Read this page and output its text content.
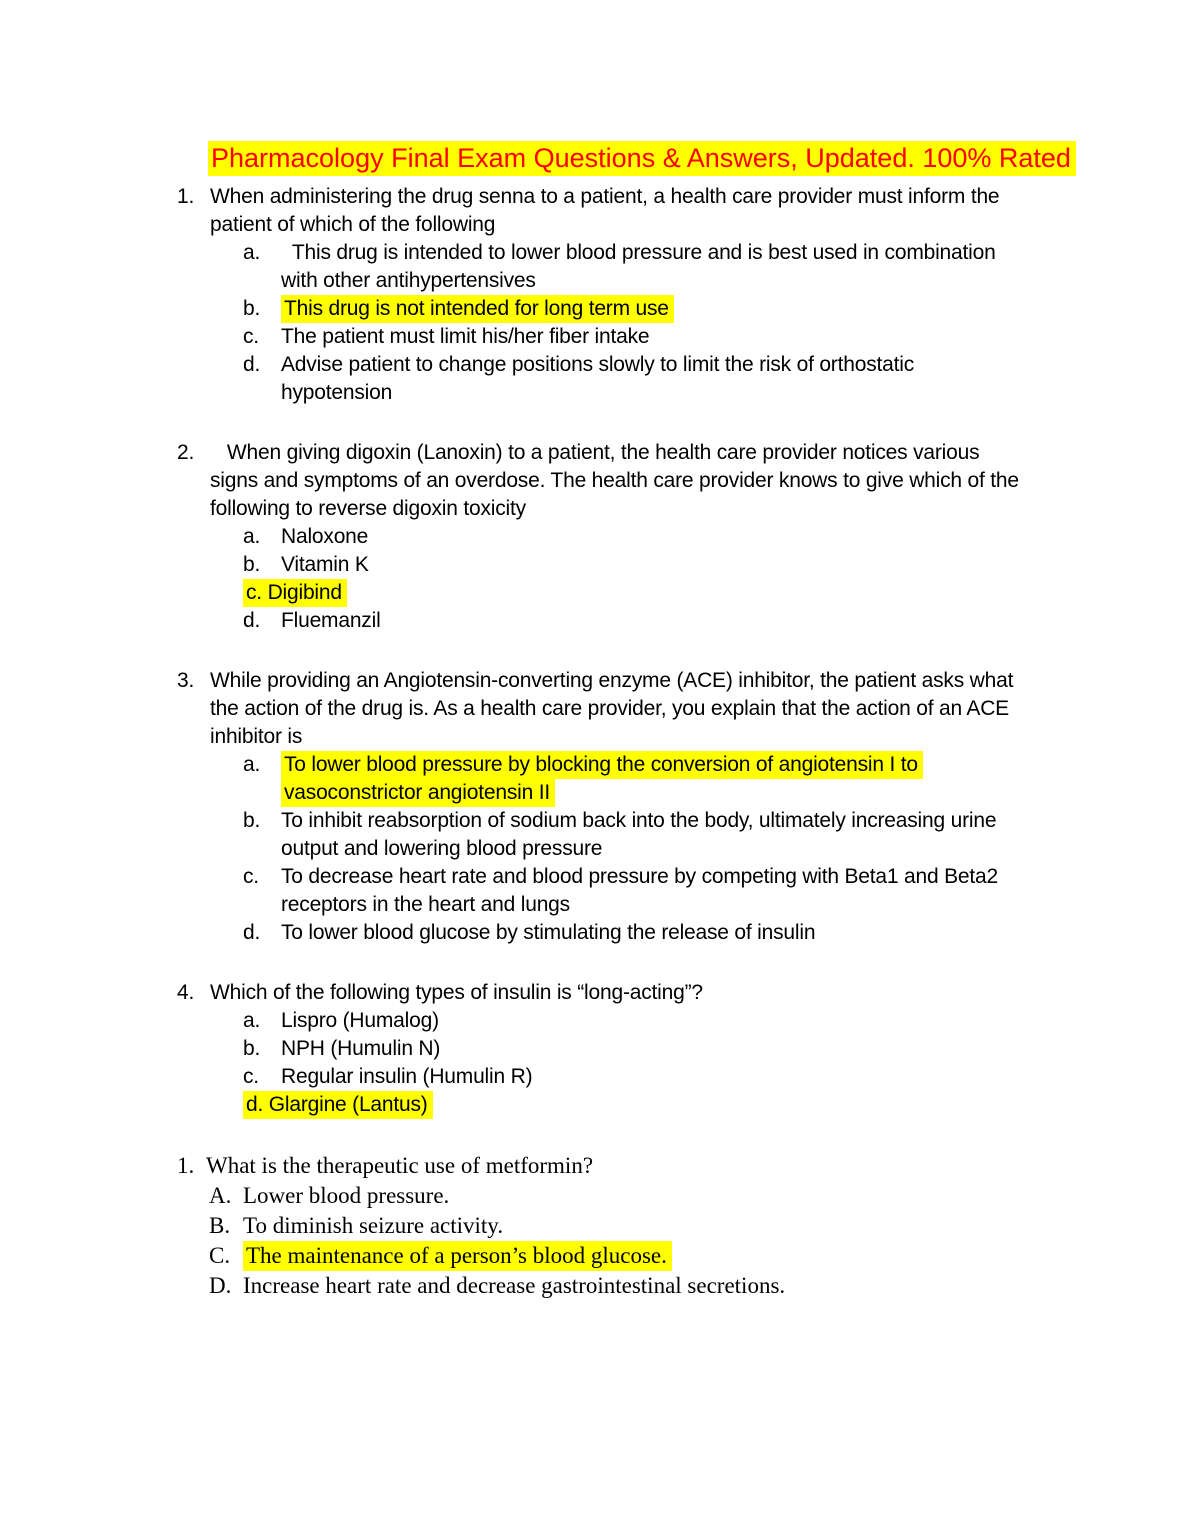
Pharmacology Final Exam Questions & Answers, Updated. 100% Rated
1. When administering the drug senna to a patient, a health care provider must inform the
patient of which of the following
a. This drug is intended to lower blood pressure and is best used in combination
with other antihypertensives
b.	This drug is not intended for long term use
c.	The patient must limit his/her fiber intake
d. Advise patient to change positions slowly to limit the risk of orthostatic
hypotension
2. When giving digoxin (Lanoxin) to a patient, the health care provider notices various
signs and symptoms of an overdose. The health care provider knows to give which of the
following to reverse digoxin toxicity
a. Naloxone
b. Vitamin K
c. Digibind
d. Fluemanzil
3. While providing an Angiotensin-converting enzyme (ACE) inhibitor, the patient asks what
the action of the drug is. As a health care provider, you explain that the action of an ACE
inhibitor is
a.	To lower blood pressure by blocking the conversion of angiotensin I to
vasoconstrictor angiotensin II
b. To inhibit reabsorption of sodium back into the body, ultimately increasing urine
output and lowering blood pressure
c.	To decrease heart rate and blood pressure by competing with Beta1 and Beta2
receptors in the heart and lungs
d. To lower blood glucose by stimulating the release of insulin
4. Which of the following types of insulin is “long-acting”?
a. Lispro (Humalog)
b. NPH (Humulin N)
c.	Regular insulin (Humulin R)
d. Glargine (Lantus)
1. What is the therapeutic use of metformin?
A. Lower blood pressure.
B. To diminish seizure activity.
C. The maintenance of a person’s blood glucose.
D. Increase heart rate and decrease gastrointestinal secretions.
